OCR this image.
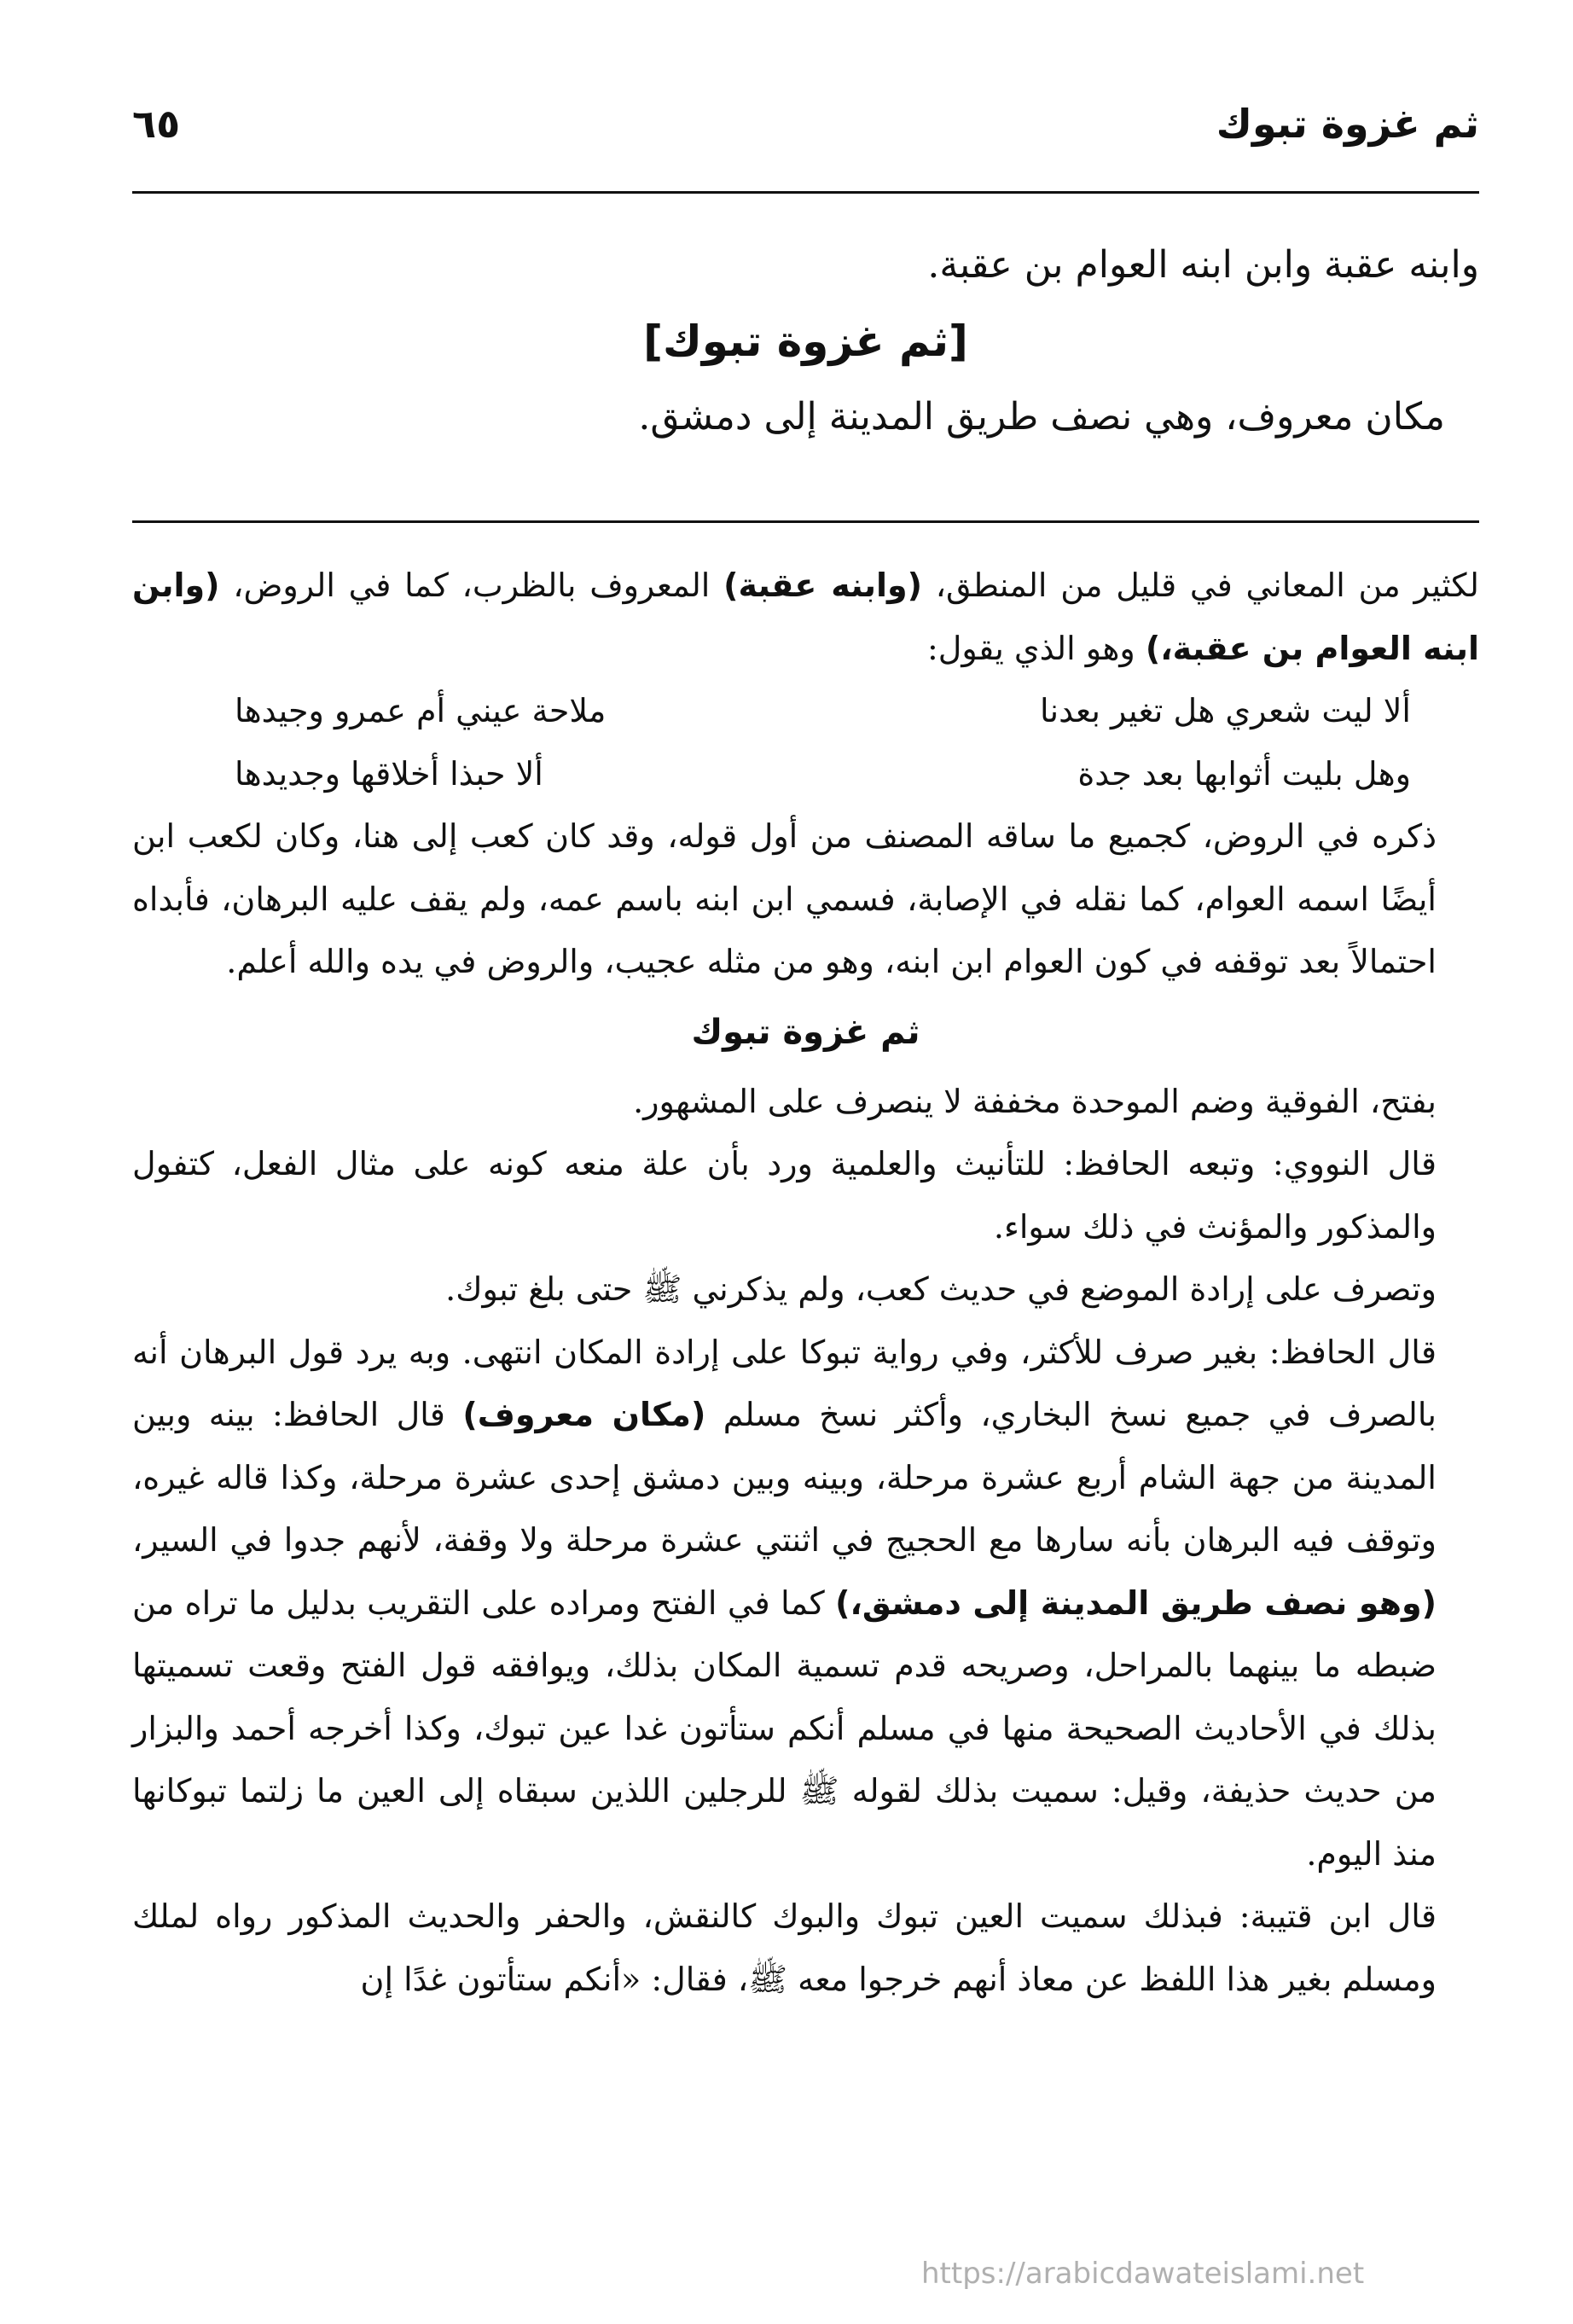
ثم غزوة تبوك
٦٥

وابنه عقبة وابن ابنه العوام بن عقبة.

[ثم غزوة تبوك]

مكان معروف، وهي نصف طريق المدينة إلى دمشق.

لكثير من المعاني في قليل من المنطق، (وابنه عقبة) المعروف بالظرب، كما في الروض، (وابن ابنه العوام بن عقبة،) وهو الذي يقول:

ألا ليت شعري هل تغير بعدنا
ملاحة عيني أم عمرو وجيدها
وهل بليت أثوابها بعد جدة
ألا حبذا أخلاقها وجديدها

ذكره في الروض، كجميع ما ساقه المصنف من أول قوله، وقد كان كعب إلى هنا، وكان لكعب ابن أيضًا اسمه العوام، كما نقله في الإصابة، فسمي ابن ابنه باسم عمه، ولم يقف عليه البرهان، فأبداه احتمالاً بعد توقفه في كون العوام ابن ابنه، وهو من مثله عجيب، والروض في يده والله أعلم.

ثم غزوة تبوك

بفتح، الفوقية وضم الموحدة مخففة لا ينصرف على المشهور.

قال النووي: وتبعه الحافظ: للتأنيث والعلمية ورد بأن علة منعه كونه على مثال الفعل، كتفول والمذكور والمؤنث في ذلك سواء.

وتصرف على إرادة الموضع في حديث كعب، ولم يذكرني ﷺ حتى بلغ تبوك.

قال الحافظ: بغير صرف للأكثر، وفي رواية تبوكا على إرادة المكان انتهى. وبه يرد قول البرهان أنه بالصرف في جميع نسخ البخاري، وأكثر نسخ مسلم (مكان معروف) قال الحافظ: بينه وبين المدينة من جهة الشام أربع عشرة مرحلة، وبينه وبين دمشق إحدى عشرة مرحلة، وكذا قاله غيره، وتوقف فيه البرهان بأنه سارها مع الحجيج في اثنتي عشرة مرحلة ولا وقفة، لأنهم جدوا في السير، (وهو نصف طريق المدينة إلى دمشق،) كما في الفتح ومراده على التقريب بدليل ما تراه من ضبطه ما بينهما بالمراحل، وصريحه قدم تسمية المكان بذلك، ويوافقه قول الفتح وقعت تسميتها بذلك في الأحاديث الصحيحة منها في مسلم أنكم ستأتون غدا عين تبوك، وكذا أخرجه أحمد والبزار من حديث حذيفة، وقيل: سميت بذلك لقوله ﷺ للرجلين اللذين سبقاه إلى العين ما زلتما تبوكانها منذ اليوم.

قال ابن قتيبة: فبذلك سميت العين تبوك والبوك كالنقش، والحفر والحديث المذكور رواه لملك ومسلم بغير هذا اللفظ عن معاذ أنهم خرجوا معه ﷺ، فقال: «أنكم ستأتون غدًا إن

https://arabicdawateislami.net
